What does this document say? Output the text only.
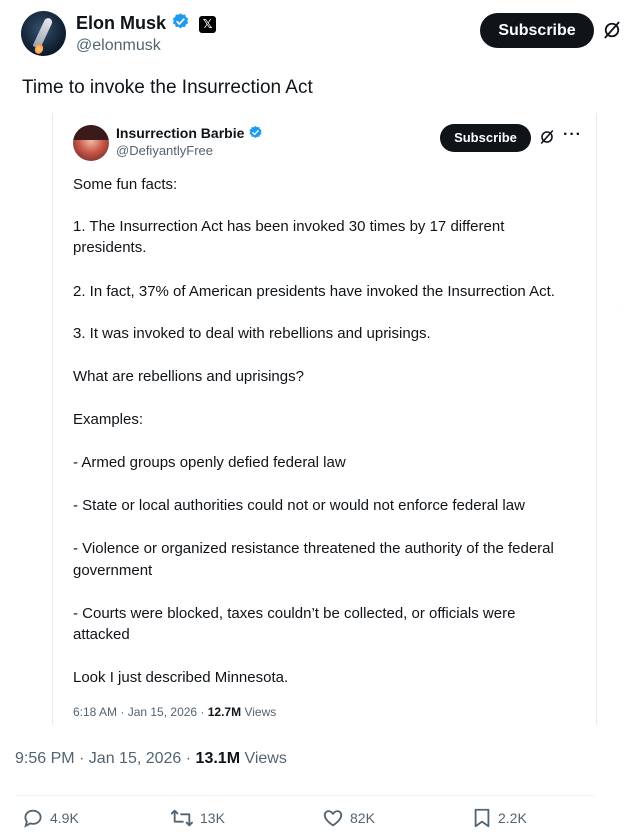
Elon Musk	𝕏
@elonmusk
Subscribe
Time to invoke the Insurrection Act
Insurrection Barbie
@DefiyantlyFree
Subscribe	···
Some fun facts:
1. The Insurrection Act has been invoked 30 times by 17 different
presidents.
2. In fact, 37% of American presidents have invoked the Insurrection Act.
3. It was invoked to deal with rebellions and uprisings.
What are rebellions and uprisings?
Examples:
- Armed groups openly defied federal law
- State or local authorities could not or would not enforce federal law
- Violence or organized resistance threatened the authority of the federal
government
- Courts were blocked, taxes couldn’t be collected, or officials were
attacked
Look I just described Minnesota.
6:18 AM · Jan 15, 2026 · 12.7M Views
9:56 PM · Jan 15, 2026 · 13.1M Views
4.9K	13K	82K	2.2K
